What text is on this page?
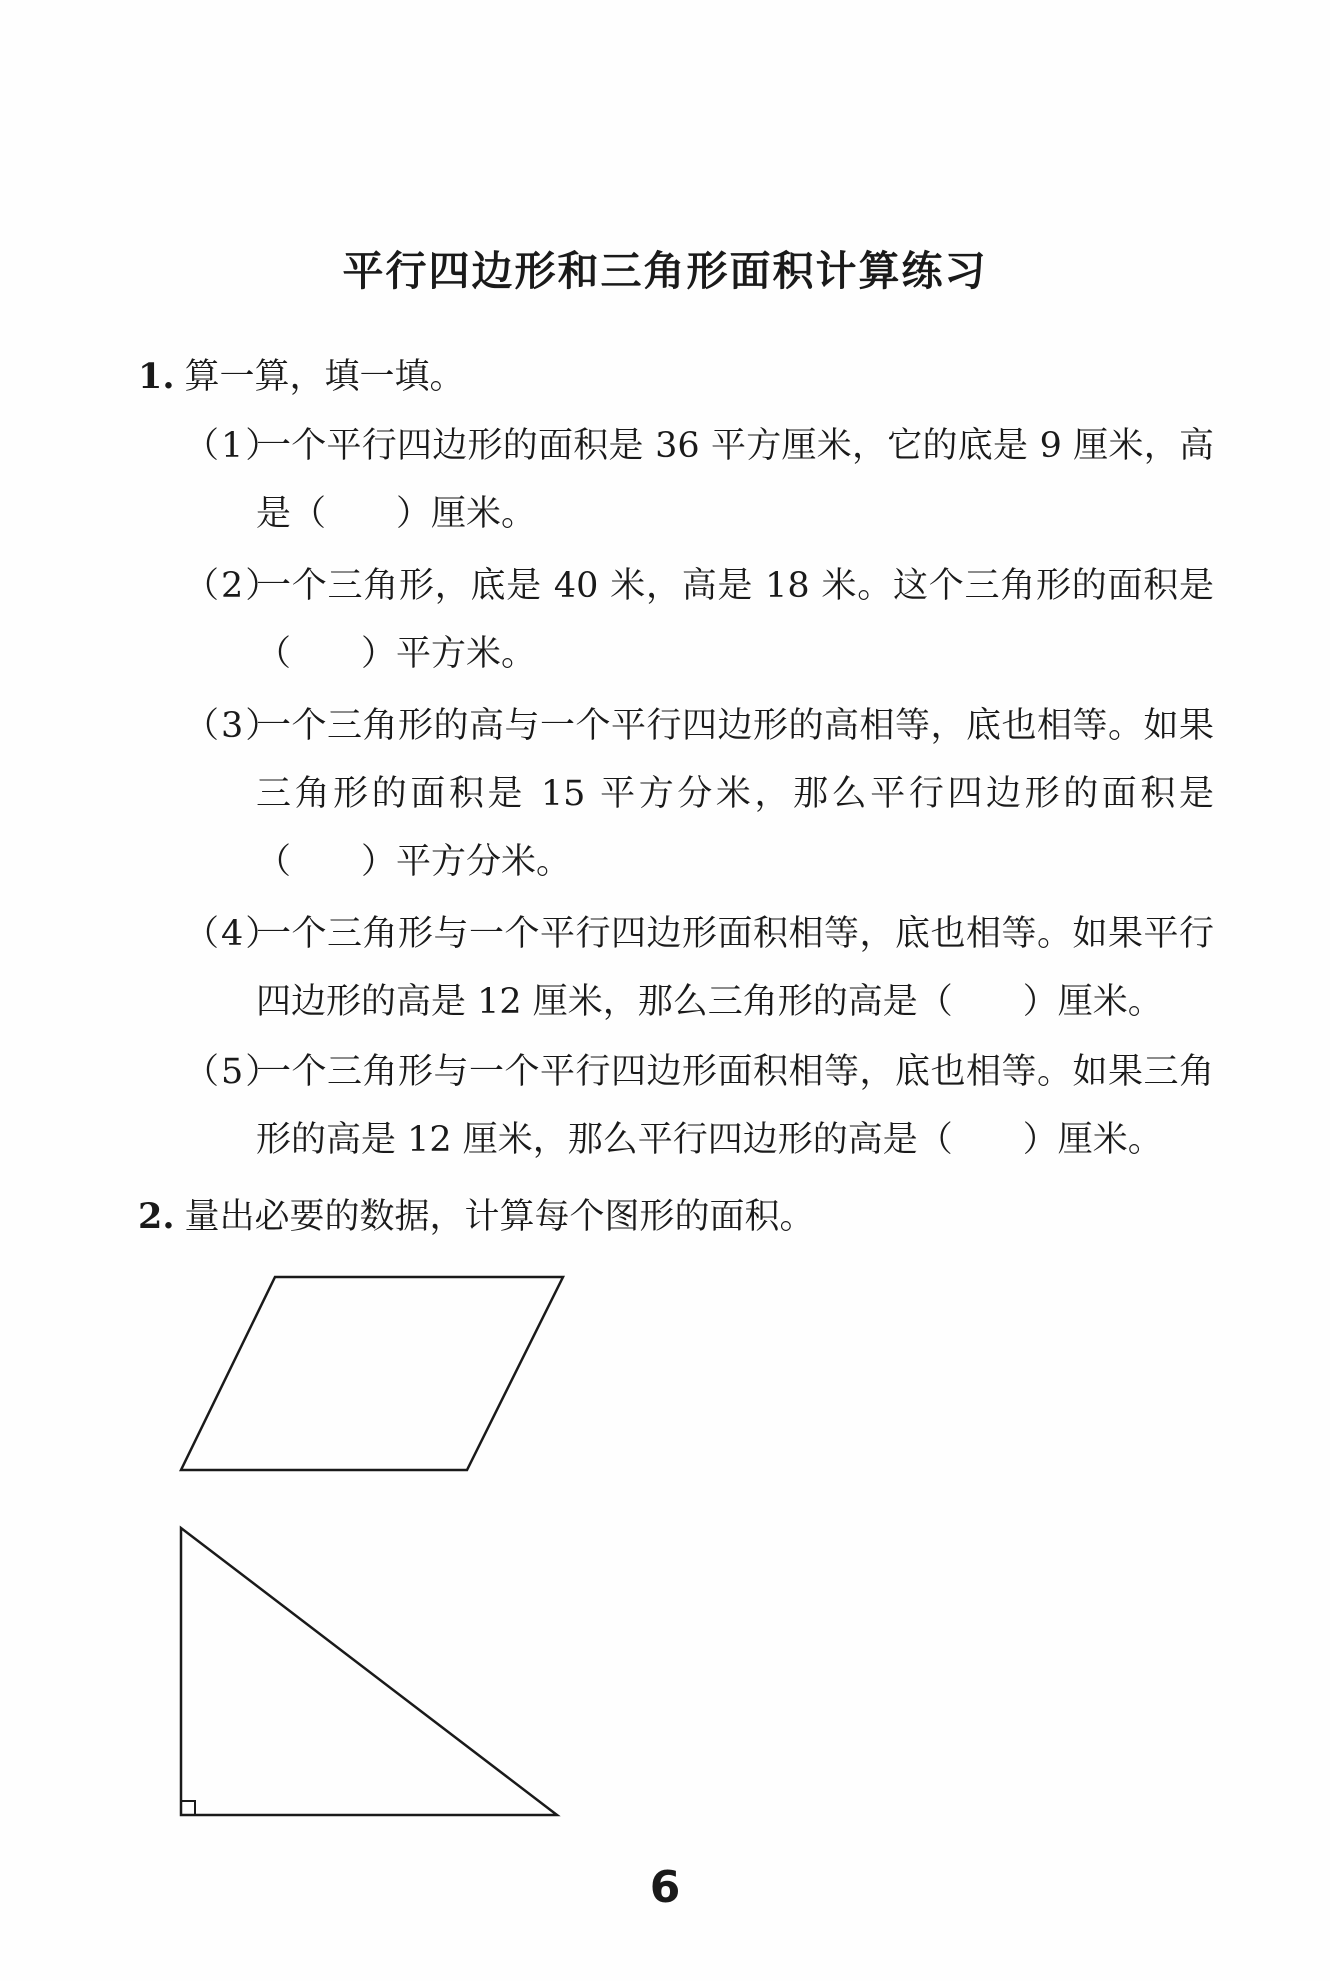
平行四边形和三角形面积计算练习
1. 算一算，填一填。
（1）
一个平行四边形的面积是 36 平方厘米，它的底是 9 厘米，高是（　　）厘米。
（2）
一个三角形，底是 40 米，高是 18 米。这个三角形的面积是（　　）平方米。
（3）
一个三角形的高与一个平行四边形的高相等，底也相等。如果三角形的面积是 15 平方分米，那么平行四边形的面积是（　　）平方分米。
（4）
一个三角形与一个平行四边形面积相等，底也相等。如果平行四边形的高是 12 厘米，那么三角形的高是（　　）厘米。
（5）
一个三角形与一个平行四边形面积相等，底也相等。如果三角形的高是 12 厘米，那么平行四边形的高是（　　）厘米。
2. 量出必要的数据，计算每个图形的面积。
6
